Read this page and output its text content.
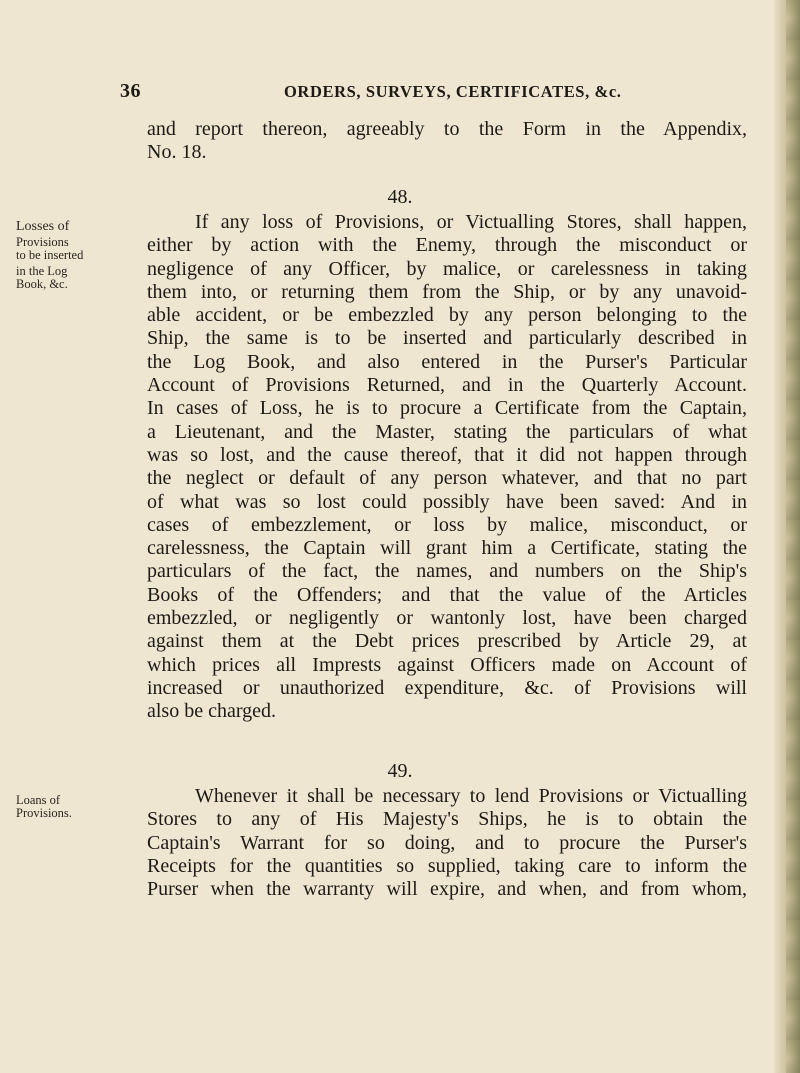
36	ORDERS, SURVEYS, CERTIFICATES, &c.
and report thereon, agreeably to the Form in the Appendix,
No. 18.

48.

Losses of
Provisions
to be inserted
in the Log
Book, &c.
If any loss of Provisions, or Victualling Stores, shall happen,
either by action with the Enemy, through the misconduct or
negligence of any Officer, by malice, or carelessness in taking
them into, or returning them from the Ship, or by any unavoid-
able accident, or be embezzled by any person belonging to the
Ship, the same is to be inserted and particularly described in
the Log Book, and also entered in the Purser's Particular
Account of Provisions Returned, and in the Quarterly Account.
In cases of Loss, he is to procure a Certificate from the Captain,
a Lieutenant, and the Master, stating the particulars of what
was so lost, and the cause thereof, that it did not happen through
the neglect or default of any person whatever, and that no part
of what was so lost could possibly have been saved: And in
cases of embezzlement, or loss by malice, misconduct, or
carelessness, the Captain will grant him a Certificate, stating the
particulars of the fact, the names, and numbers on the Ship's
Books of the Offenders; and that the value of the Articles
embezzled, or negligently or wantonly lost, have been charged
against them at the Debt prices prescribed by Article 29, at
which prices all Imprests against Officers made on Account of
increased or unauthorized expenditure, &c. of Provisions will
also be charged.

49.

Loans of
Provisions.
Whenever it shall be necessary to lend Provisions or Victualling
Stores to any of His Majesty's Ships, he is to obtain the
Captain's Warrant for so doing, and to procure the Purser's
Receipts for the quantities so supplied, taking care to inform the
Purser when the warranty will expire, and when, and from whom,
